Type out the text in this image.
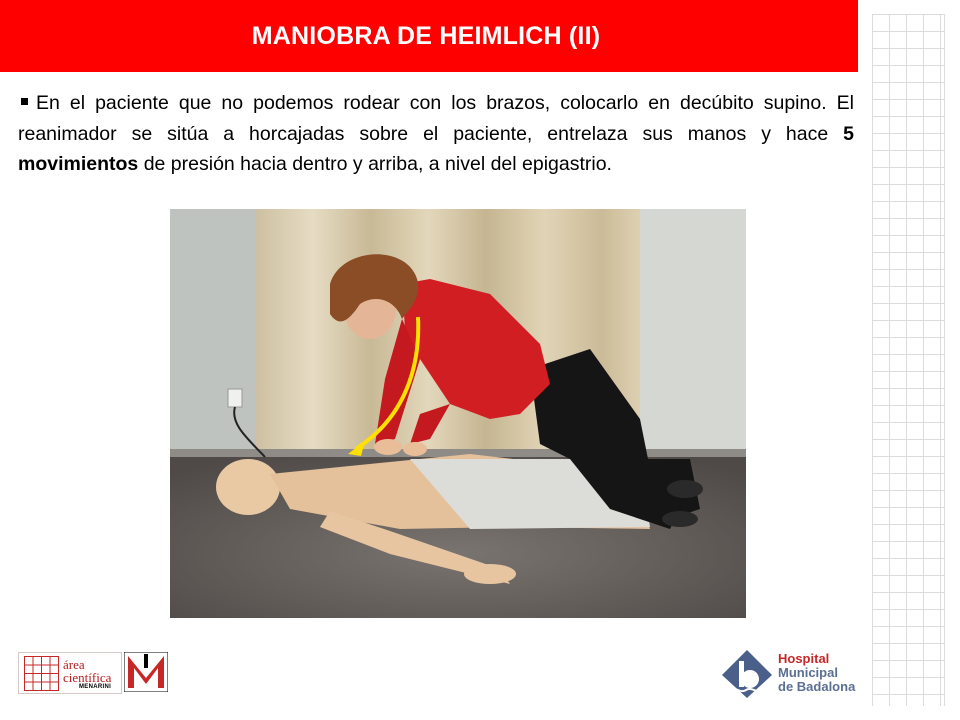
MANIOBRA DE HEIMLICH (II)
En el paciente que no podemos rodear con los brazos, colocarlo en decúbito supino. El reanimador se sitúa a horcajadas sobre el paciente, entrelaza sus manos y hace 5 movimientos de presión hacia dentro y arriba, a nivel del epigastrio.
área
científica
MENARINI
Hospital
Municipal
de Badalona
